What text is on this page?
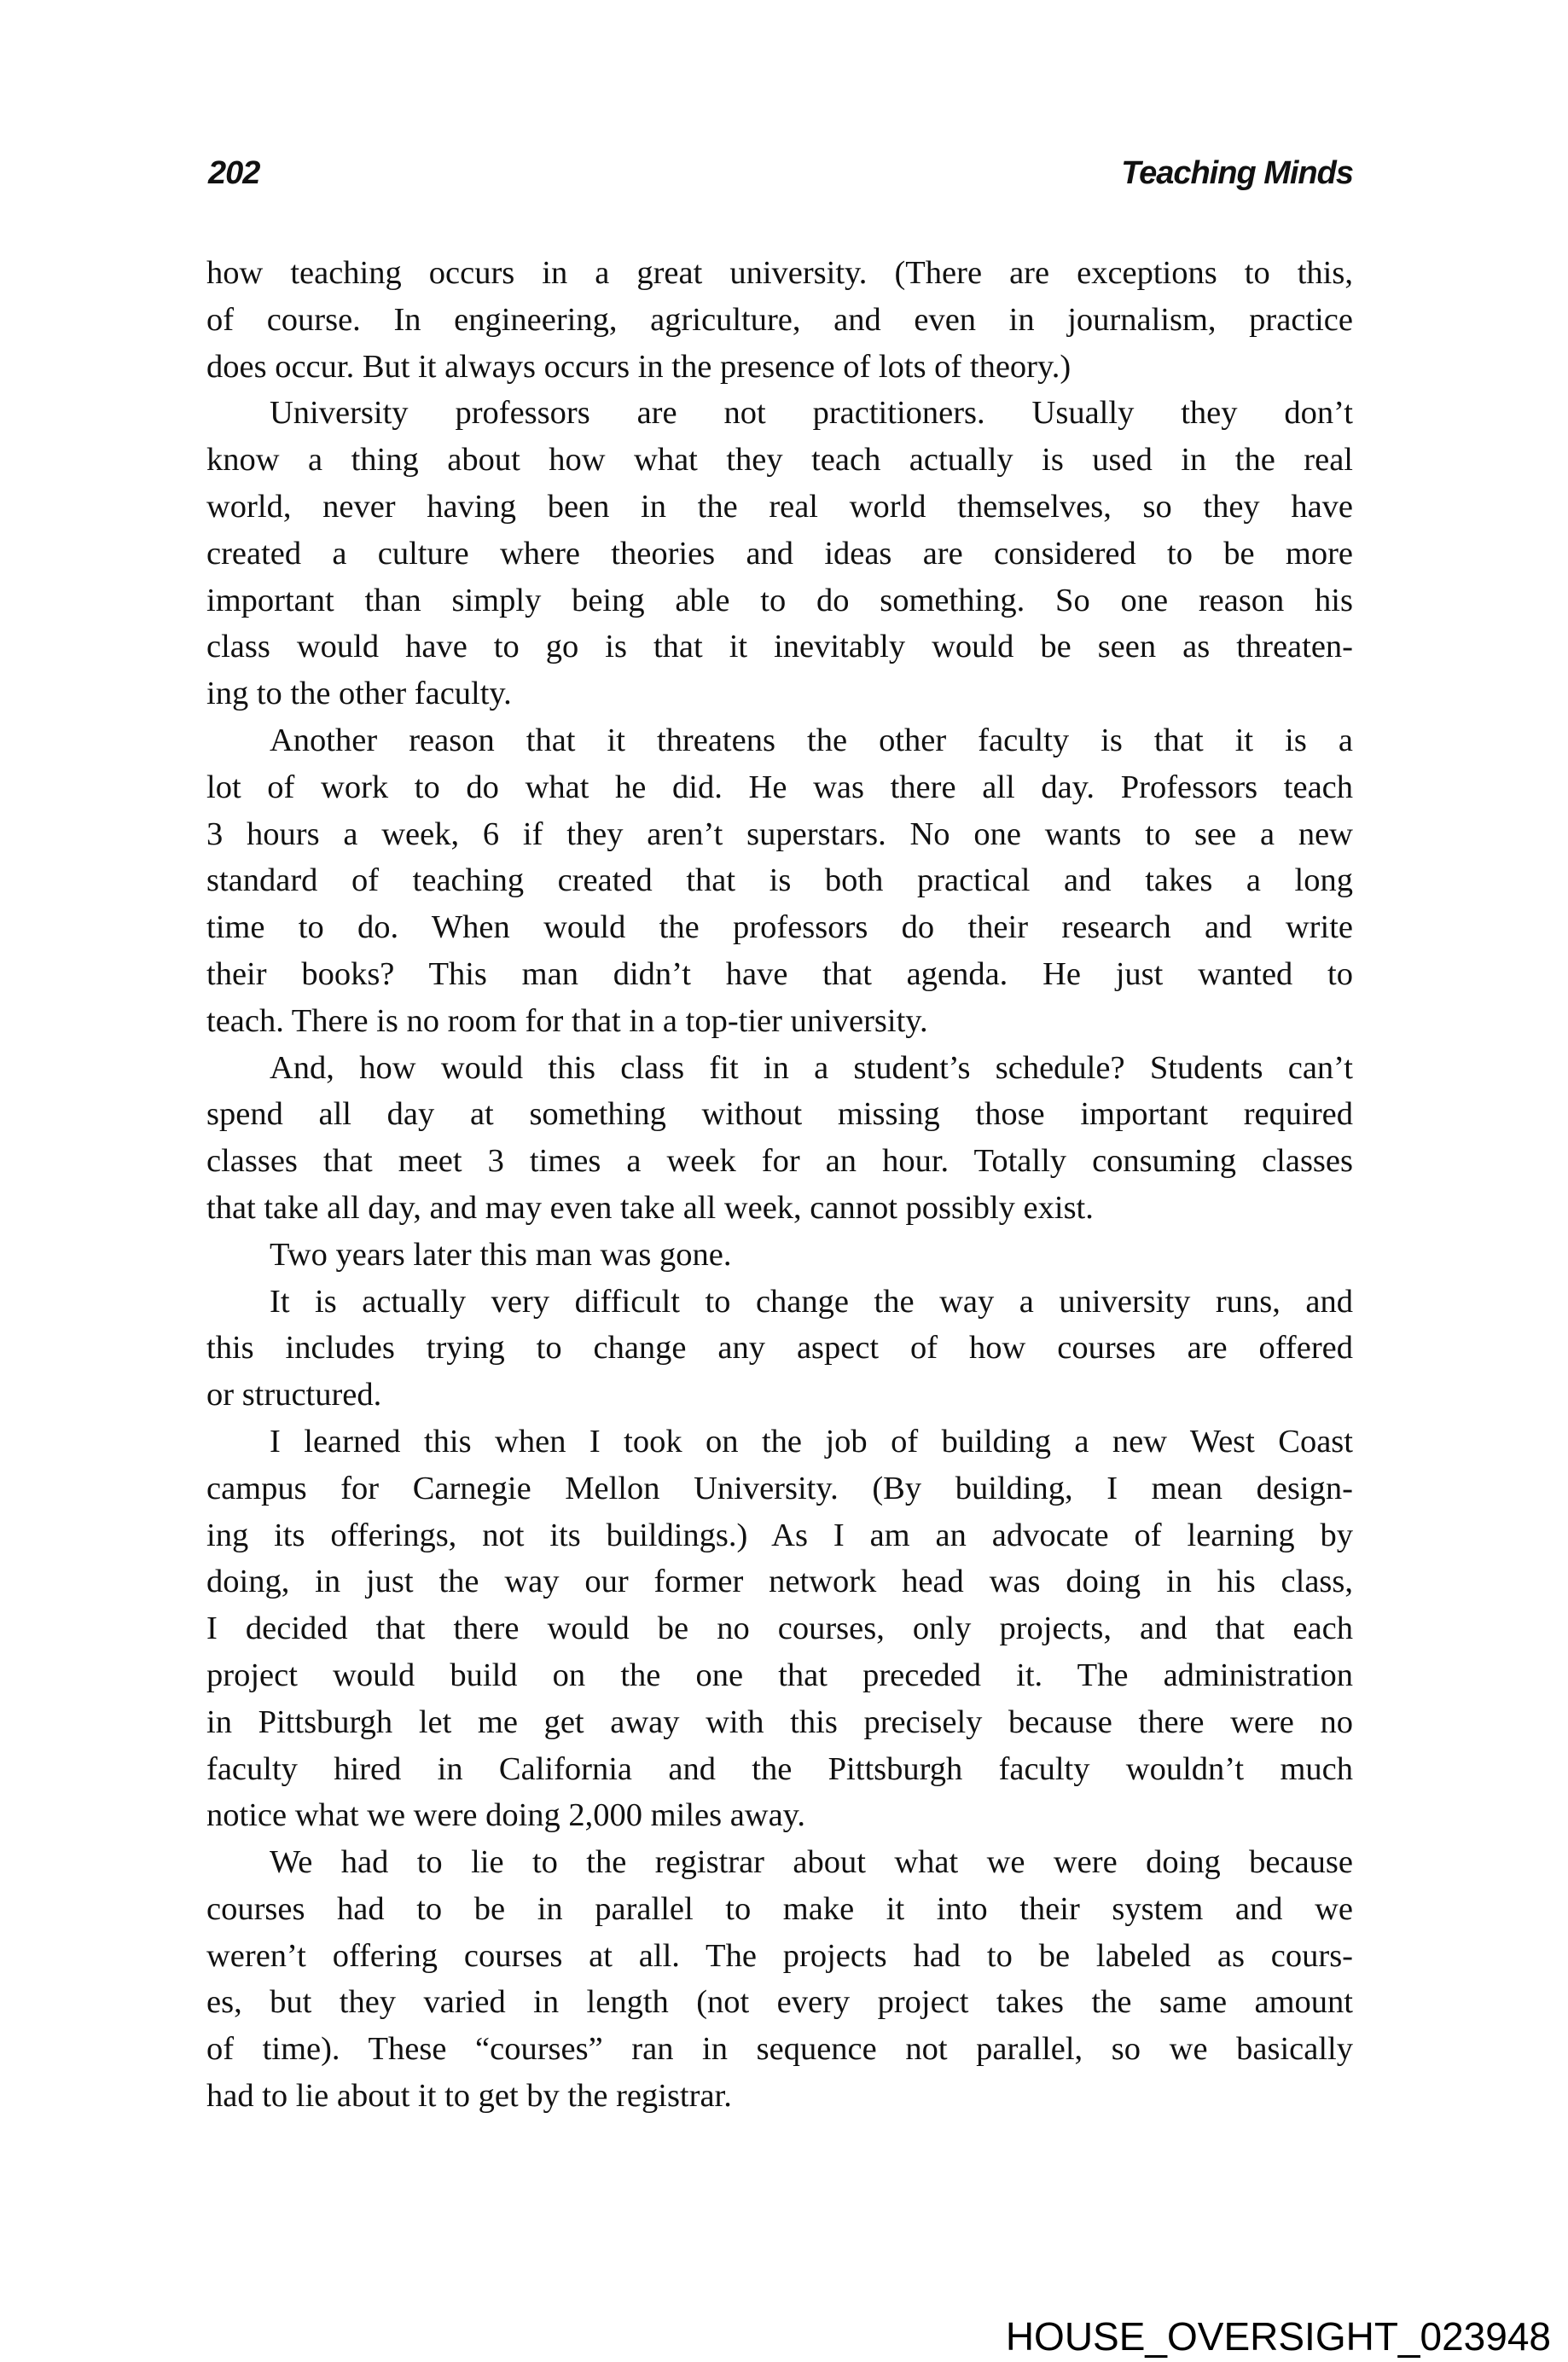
202	Teaching Minds
how teaching occurs in a great university. (There are exceptions to this,
of course. In engineering, agriculture, and even in journalism, practice
does occur. But it always occurs in the presence of lots of theory.)
University professors are not practitioners. Usually they don’t
know a thing about how what they teach actually is used in the real
world, never having been in the real world themselves, so they have
created a culture where theories and ideas are considered to be more
important than simply being able to do something. So one reason his
class would have to go is that it inevitably would be seen as threaten-
ing to the other faculty.
Another reason that it threatens the other faculty is that it is a
lot of work to do what he did. He was there all day. Professors teach
3 hours a week, 6 if they aren’t superstars. No one wants to see a new
standard of teaching created that is both practical and takes a long
time to do. When would the professors do their research and write
their books? This man didn’t have that agenda. He just wanted to
teach. There is no room for that in a top-tier university.
And, how would this class fit in a student’s schedule? Students can’t
spend all day at something without missing those important required
classes that meet 3 times a week for an hour. Totally consuming classes
that take all day, and may even take all week, cannot possibly exist.
Two years later this man was gone.
It is actually very difficult to change the way a university runs, and
this includes trying to change any aspect of how courses are offered
or structured.
I learned this when I took on the job of building a new West Coast
campus for Carnegie Mellon University. (By building, I mean design-
ing its offerings, not its buildings.) As I am an advocate of learning by
doing, in just the way our former network head was doing in his class,
I decided that there would be no courses, only projects, and that each
project would build on the one that preceded it. The administration
in Pittsburgh let me get away with this precisely because there were no
faculty hired in California and the Pittsburgh faculty wouldn’t much
notice what we were doing 2,000 miles away.
We had to lie to the registrar about what we were doing because
courses had to be in parallel to make it into their system and we
weren’t offering courses at all. The projects had to be labeled as cours-
es, but they varied in length (not every project takes the same amount
of time). These “courses” ran in sequence not parallel, so we basically
had to lie about it to get by the registrar.
HOUSE_OVERSIGHT_023948
